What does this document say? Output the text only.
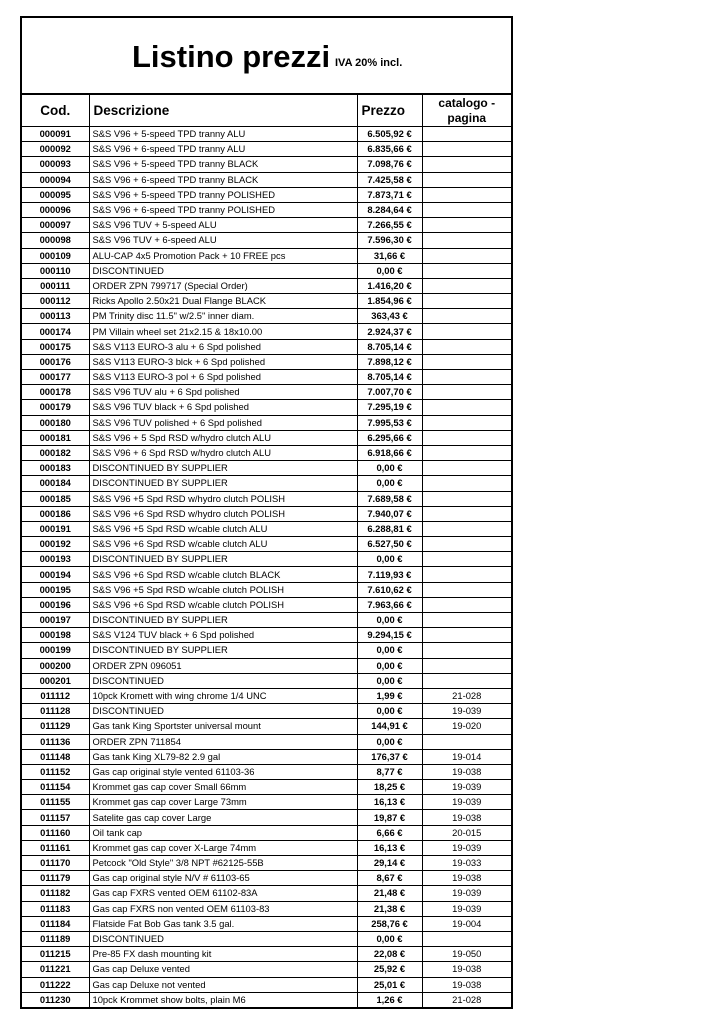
Listino prezzi IVA 20% incl.
Cod.	Descrizione	Prezzo	catalogo - pagina
000091	S&S V96 + 5-speed TPD tranny ALU	6.505,92 €	
000092	S&S V96 + 6-speed TPD tranny ALU	6.835,66 €	
000093	S&S V96 + 5-speed TPD tranny BLACK	7.098,76 €	
000094	S&S V96 + 6-speed TPD tranny BLACK	7.425,58 €	
000095	S&S V96 + 5-speed TPD tranny POLISHED	7.873,71 €	
000096	S&S V96 + 6-speed TPD tranny POLISHED	8.284,64 €	
000097	S&S V96 TUV + 5-speed ALU	7.266,55 €	
000098	S&S V96 TUV + 6-speed ALU	7.596,30 €	
000109	ALU-CAP 4x5 Promotion Pack + 10 FREE pcs	31,66 €	
000110	DISCONTINUED	0,00 €	
000111	ORDER ZPN 799717 (Special Order)	1.416,20 €	
000112	Ricks Apollo 2.50x21 Dual Flange BLACK	1.854,96 €	
000113	PM Trinity disc 11.5" w/2.5" inner diam.	363,43 €	
000174	PM Villain wheel set 21x2.15 & 18x10.00	2.924,37 €	
000175	S&S V113 EURO-3 alu + 6 Spd polished	8.705,14 €	
000176	S&S V113 EURO-3 blck + 6 Spd polished	7.898,12 €	
000177	S&S V113 EURO-3 pol + 6 Spd polished	8.705,14 €	
000178	S&S V96 TUV alu + 6 Spd polished	7.007,70 €	
000179	S&S V96 TUV black + 6 Spd polished	7.295,19 €	
000180	S&S V96 TUV polished + 6 Spd polished	7.995,53 €	
000181	S&S V96 + 5 Spd RSD w/hydro clutch ALU	6.295,66 €	
000182	S&S V96 + 6 Spd RSD w/hydro clutch ALU	6.918,66 €	
000183	DISCONTINUED BY SUPPLIER	0,00 €	
000184	DISCONTINUED BY SUPPLIER	0,00 €	
000185	S&S V96 +5 Spd RSD w/hydro clutch POLISH	7.689,58 €	
000186	S&S V96 +6 Spd RSD w/hydro clutch POLISH	7.940,07 €	
000191	S&S V96 +5 Spd RSD w/cable clutch ALU	6.288,81 €	
000192	S&S V96 +6 Spd RSD w/cable clutch ALU	6.527,50 €	
000193	DISCONTINUED BY SUPPLIER	0,00 €	
000194	S&S V96 +6 Spd RSD w/cable clutch BLACK	7.119,93 €	
000195	S&S V96 +5 Spd RSD w/cable clutch POLISH	7.610,62 €	
000196	S&S V96 +6 Spd RSD w/cable clutch POLISH	7.963,66 €	
000197	DISCONTINUED BY SUPPLIER	0,00 €	
000198	S&S V124 TUV black + 6 Spd polished	9.294,15 €	
000199	DISCONTINUED BY SUPPLIER	0,00 €	
000200	ORDER ZPN 096051	0,00 €	
000201	DISCONTINUED	0,00 €	
011112	10pck Kromett with wing chrome 1/4 UNC	1,99 €	21-028
011128	DISCONTINUED	0,00 €	19-039
011129	Gas tank King Sportster universal mount	144,91 €	19-020
011136	ORDER ZPN 711854	0,00 €	
011148	Gas tank King XL79-82 2.9 gal	176,37 €	19-014
011152	Gas cap original style vented 61103-36	8,77 €	19-038
011154	Krommet gas cap cover Small 66mm	18,25 €	19-039
011155	Krommet gas cap cover Large 73mm	16,13 €	19-039
011157	Satelite gas cap cover Large	19,87 €	19-038
011160	Oil tank cap	6,66 €	20-015
011161	Krommet gas cap cover X-Large 74mm	16,13 €	19-039
011170	Petcock "Old Style" 3/8 NPT #62125-55B	29,14 €	19-033
011179	Gas cap original style N/V # 61103-65	8,67 €	19-038
011182	Gas cap FXRS vented OEM 61102-83A	21,48 €	19-039
011183	Gas cap FXRS non vented OEM 61103-83	21,38 €	19-039
011184	Flatside Fat Bob Gas tank 3.5 gal.	258,76 €	19-004
011189	DISCONTINUED	0,00 €	
011215	Pre-85 FX dash mounting kit	22,08 €	19-050
011221	Gas cap Deluxe vented	25,92 €	19-038
011222	Gas cap Deluxe not vented	25,01 €	19-038
011230	10pck Krommet show bolts, plain M6	1,26 €	21-028
